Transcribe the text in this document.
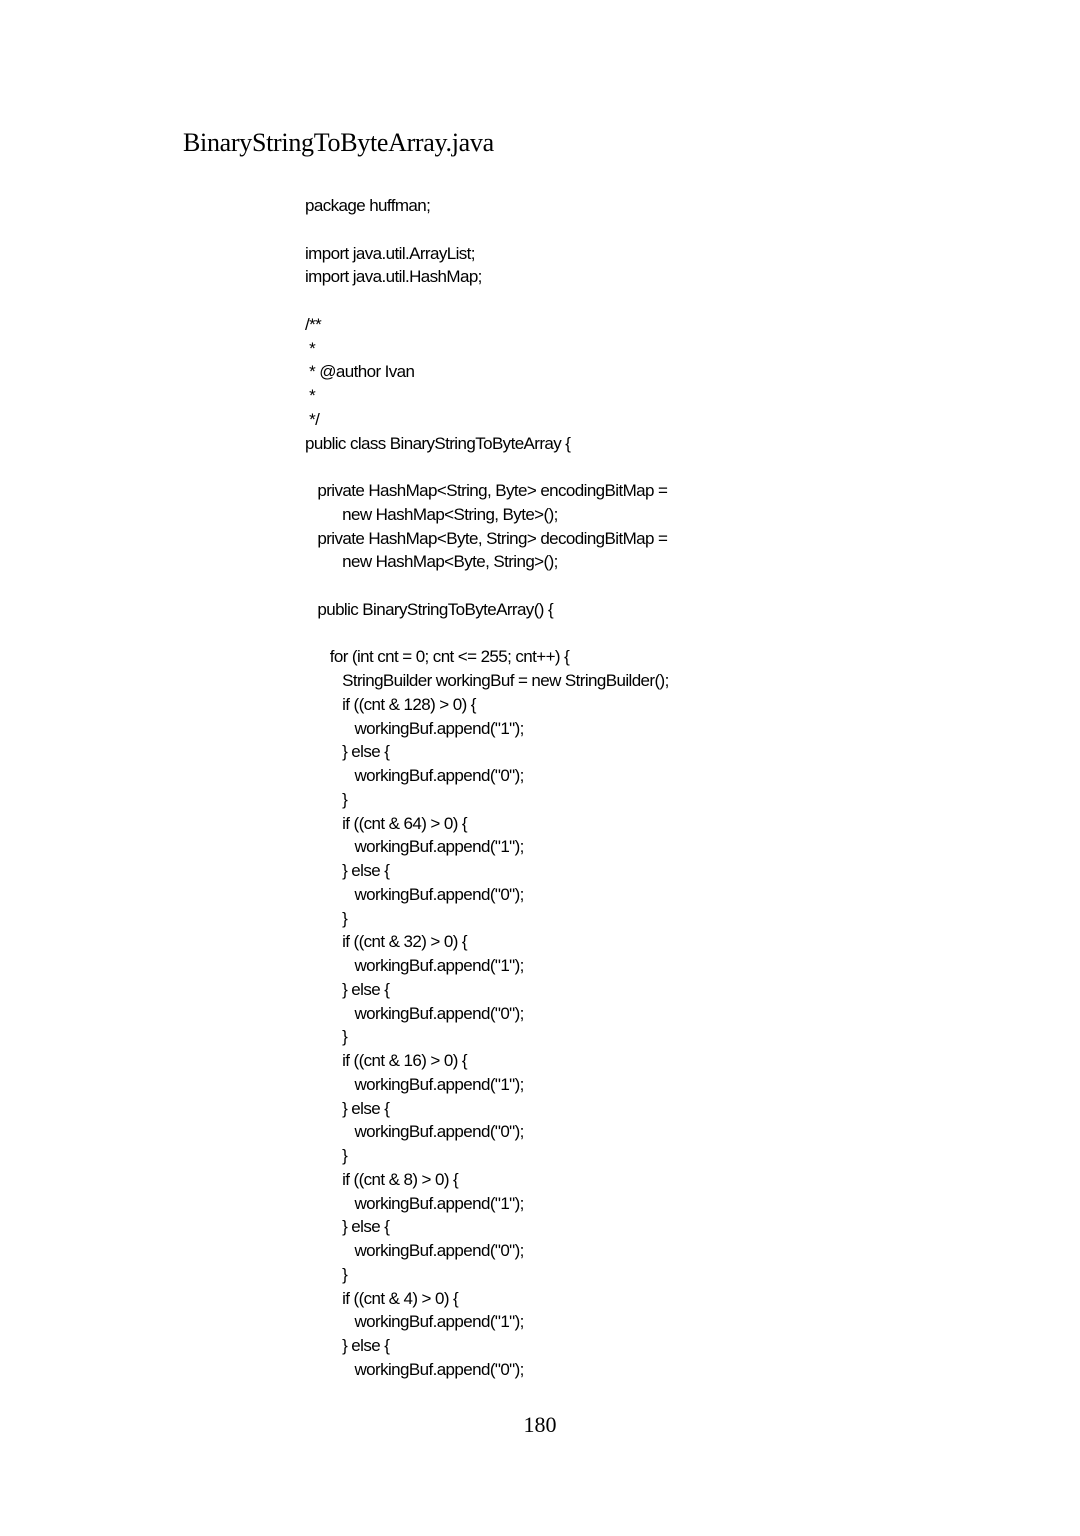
BinaryStringToByteArray.java
package huffman;
import java.util.ArrayList;
import java.util.HashMap;
/**
*
* @author Ivan
*
*/
public class BinaryStringToByteArray {
private HashMap<String, Byte> encodingBitMap =
new HashMap<String, Byte>();
private HashMap<Byte, String> decodingBitMap =
new HashMap<Byte, String>();
public BinaryStringToByteArray() {
for (int cnt = 0; cnt <= 255; cnt++) {
StringBuilder workingBuf = new StringBuilder();
if ((cnt & 128) > 0) {
workingBuf.append("1");
} else {
workingBuf.append("0");
}
if ((cnt & 64) > 0) {
workingBuf.append("1");
} else {
workingBuf.append("0");
}
if ((cnt & 32) > 0) {
workingBuf.append("1");
} else {
workingBuf.append("0");
}
if ((cnt & 16) > 0) {
workingBuf.append("1");
} else {
workingBuf.append("0");
}
if ((cnt & 8) > 0) {
workingBuf.append("1");
} else {
workingBuf.append("0");
}
if ((cnt & 4) > 0) {
workingBuf.append("1");
} else {
workingBuf.append("0");
180
